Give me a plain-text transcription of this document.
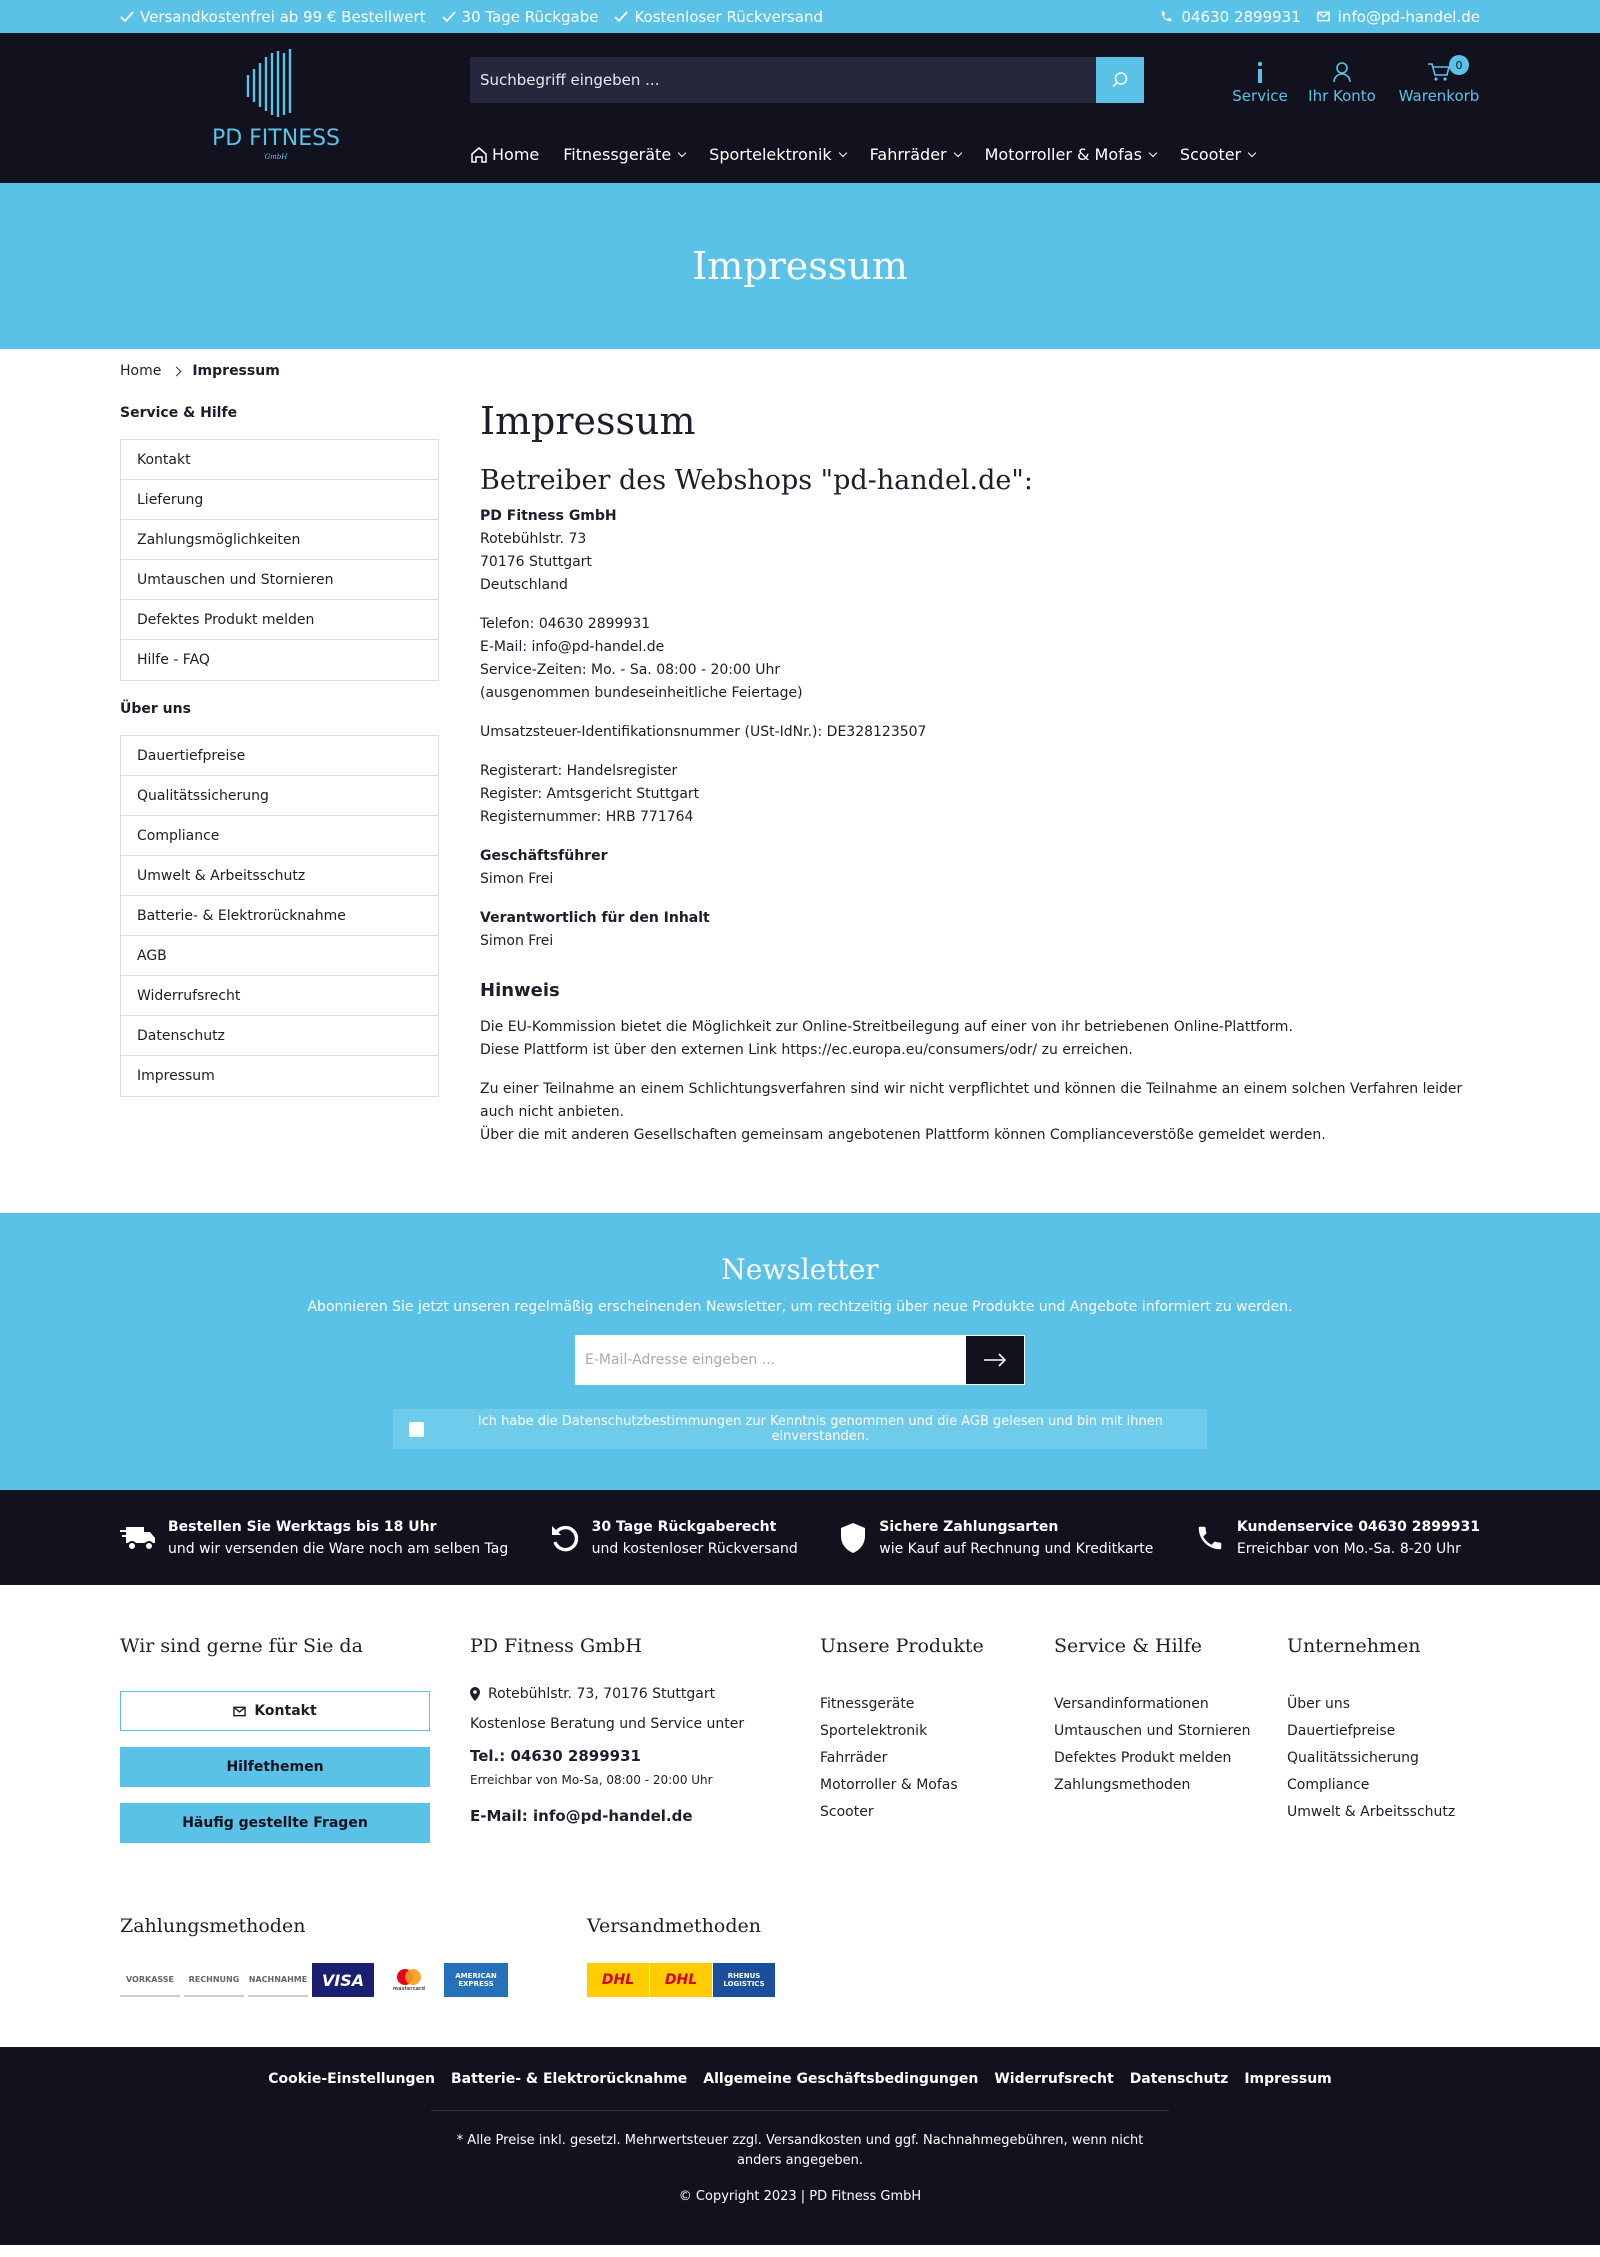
Versandkostenfrei ab 99 € Bestellwert 30 Tage Rückgabe Kostenloser Rückversand	04630 2899931 info@pd-handel.de
PD FITNESS
GmbH
Suchbegriff eingeben ...
Service Ihr Konto Warenkorb
0
Home Fitnessgeräte Sportelektronik Fahrräder Motorroller & Mofas Scooter
Impressum
Home Impressum
Service & Hilfe
Kontakt
Lieferung
Zahlungsmöglichkeiten
Umtauschen und Stornieren
Defektes Produkt melden
Hilfe - FAQ
Über uns
Dauertiefpreise
Qualitätssicherung
Compliance
Umwelt & Arbeitsschutz
Batterie- & Elektrorücknahme
AGB
Widerrufsrecht
Datenschutz
Impressum
Impressum
Betreiber des Webshops "pd-handel.de":

PD Fitness GmbH
Rotebühlstr. 73
70176 Stuttgart
Deutschland

Telefon: 04630 2899931
E-Mail: info@pd-handel.de
Service-Zeiten: Mo. - Sa. 08:00 - 20:00 Uhr
(ausgenommen bundeseinheitliche Feiertage)

Umsatzsteuer-Identifikationsnummer (USt-IdNr.): DE328123507

Registerart: Handelsregister
Register: Amtsgericht Stuttgart
Registernummer: HRB 771764

Geschäftsführer
Simon Frei

Verantwortlich für den Inhalt
Simon Frei

Hinweis

Die EU-Kommission bietet die Möglichkeit zur Online-Streitbeilegung auf einer von ihr betriebenen Online-Plattform.
Diese Plattform ist über den externen Link https://ec.europa.eu/consumers/odr/ zu erreichen.

Zu einer Teilnahme an einem Schlichtungsverfahren sind wir nicht verpflichtet und können die Teilnahme an einem solchen Verfahren leider auch nicht anbieten.
Über die mit anderen Gesellschaften gemeinsam angebotenen Plattform können Complianceverstöße gemeldet werden.

Newsletter
Abonnieren Sie jetzt unseren regelmäßig erscheinenden Newsletter, um rechtzeitig über neue Produkte und Angebote informiert zu werden.
E-Mail-Adresse eingeben ...
Ich habe die Datenschutzbestimmungen zur Kenntnis genommen und die AGB gelesen und bin mit ihnen einverstanden.
Bestellen Sie Werktags bis 18 Uhr
und wir versenden die Ware noch am selben Tag
30 Tage Rückgaberecht
und kostenloser Rückversand
Sichere Zahlungsarten
wie Kauf auf Rechnung und Kreditkarte
Kundenservice 04630 2899931
Erreichbar von Mo.-Sa. 8-20 Uhr
Wir sind gerne für Sie da
Kontakt
Hilfethemen
Häufig gestellte Fragen
PD Fitness GmbH
Rotebühlstr. 73, 70176 Stuttgart
Kostenlose Beratung und Service unter
Tel.: 04630 2899931
Erreichbar von Mo-Sa, 08:00 - 20:00 Uhr
E-Mail: info@pd-handel.de
Unsere Produkte
Fitnessgeräte
Sportelektronik
Fahrräder
Motorroller & Mofas
Scooter
Service & Hilfe
Versandinformationen
Umtauschen und Stornieren
Defektes Produkt melden
Zahlungsmethoden
Unternehmen
Über uns
Dauertiefpreise
Qualitätssicherung
Compliance
Umwelt & Arbeitsschutz
Zahlungsmethoden
VORKASSE	RECHNUNG	NACHNAHME VISA	mastercard
AMERICAN EXPRESS
Versandmethoden
DHL	DHL	RHENUS LOGISTICS
Cookie-Einstellungen Batterie- & Elektrorücknahme Allgemeine Geschäftsbedingungen Widerrufsrecht Datenschutz Impressum
* Alle Preise inkl. gesetzl. Mehrwertsteuer zzgl. Versandkosten und ggf. Nachnahmegebühren, wenn nicht anders angegeben.
© Copyright 2023 | PD Fitness GmbH
